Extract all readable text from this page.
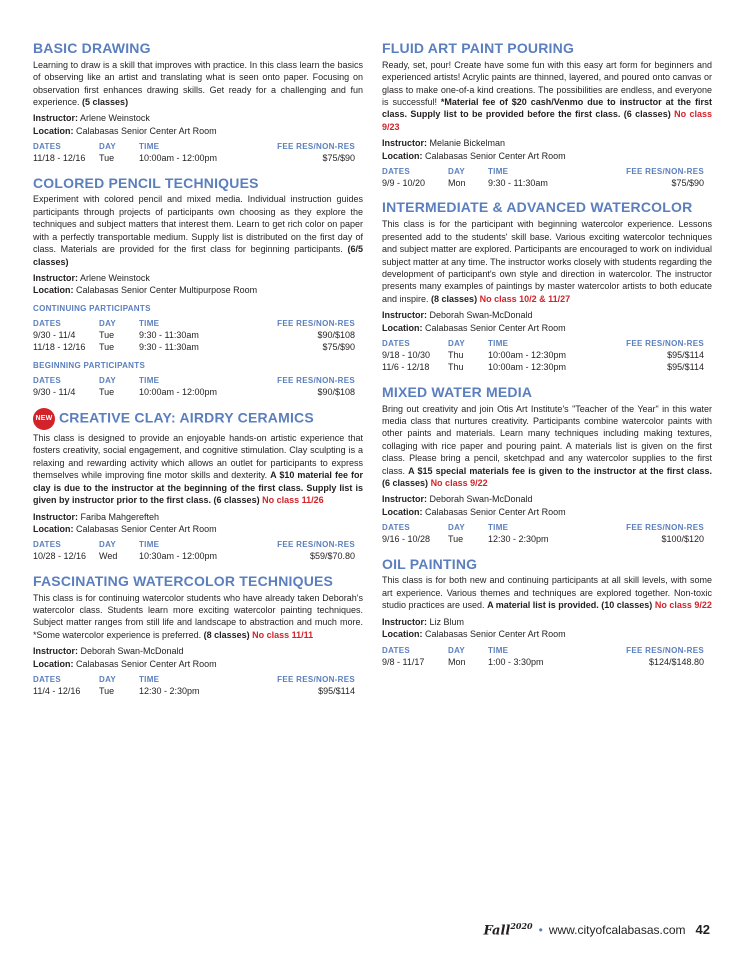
BASIC DRAWING

Learning to draw is a skill that improves with practice. In this class learn the basics of observing like an artist and translating what is seen onto paper. Focusing on observation first enhances drawing skills. Get ready for a challenging and fun experience. (5 classes)

Instructor: Arlene Weinstock
Location: Calabasas Senior Center Art Room
DATES	DAY	TIME	FEE RES/NON-RES
11/18 - 12/16	Tue	10:00am - 12:00pm	$75/$90
COLORED PENCIL TECHNIQUES

Experiment with colored pencil and mixed media. Individual instruction guides participants through projects of participants own choosing as they explore the techniques and subject matters that interest them. Learn to get rich color on paper with a perfectly transportable medium. Supply list is distributed on the first day of class. Materials are provided for the first class for beginning participants. (6/5 classes)

Instructor: Arlene Weinstock
Location: Calabasas Senior Center Multipurpose Room
CONTINUING PARTICIPANTS
DATES	DAY	TIME	FEE RES/NON-RES
9/30 - 11/4	Tue	9:30 - 11:30am	$90/$108
11/18 - 12/16	Tue	9:30 - 11:30am	$75/$90
BEGINNING PARTICIPANTS
DATES	DAY	TIME	FEE RES/NON-RES
9/30 - 11/4	Tue	10:00am - 12:00pm	$90/$108
NEW CREATIVE CLAY: AIRDRY CERAMICS

This class is designed to provide an enjoyable hands-on artistic experience that fosters creativity, social engagement, and cognitive stimulation. Clay sculpting is a relaxing and rewarding activity which allows an outlet for participants to express themselves while improving fine motor skills and dexterity. A $10 material fee for clay is due to the instructor at the beginning of the first class. Supply list is given by instructor prior to the first class. (6 classes) No class 11/26

Instructor: Fariba Mahgerefteh
Location: Calabasas Senior Center Art Room
DATES	DAY	TIME	FEE RES/NON-RES
10/28 - 12/16	Wed	10:30am - 12:00pm	$59/$70.80
FASCINATING WATERCOLOR TECHNIQUES

This class is for continuing watercolor students who have already taken Deborah's watercolor class. Students learn more exciting watercolor painting techniques. Subject matter ranges from still life and landscape to abstraction and much more. *Some watercolor experience is preferred. (8 classes) No class 11/11

Instructor: Deborah Swan-McDonald
Location: Calabasas Senior Center Art Room
DATES	DAY	TIME	FEE RES/NON-RES
11/4 - 12/16	Tue	12:30 - 2:30pm	$95/$114
FLUID ART PAINT POURING

Ready, set, pour! Create have some fun with this easy art form for beginners and experienced artists! Acrylic paints are thinned, layered, and poured onto canvas or glass to make one-of-a kind creations. The possibilities are endless, and everyone is successful! *Material fee of $20 cash/Venmo due to instructor at the first class. Supply list to be provided before the first class. (6 classes) No class 9/23

Instructor: Melanie Bickelman
Location: Calabasas Senior Center Art Room
DATES	DAY	TIME	FEE RES/NON-RES
9/9 - 10/20	Mon	9:30 - 11:30am	$75/$90
INTERMEDIATE & ADVANCED WATERCOLOR

This class is for the participant with beginning watercolor experience. Lessons presented add to the students' skill base. Various exciting watercolor techniques and subject matter are explored. Participants are encouraged to work on individual subject matter at any time. The instructor works closely with students regarding the development of participant's own style and direction in watercolor. The instructor presents many examples of paintings by master watercolor artists to both educate and inspire. (8 classes) No class 10/2 & 11/27

Instructor: Deborah Swan-McDonald
Location: Calabasas Senior Center Art Room
DATES	DAY	TIME	FEE RES/NON-RES
9/18 - 10/30	Thu	10:00am - 12:30pm	$95/$114
11/6 - 12/18	Thu	10:00am - 12:30pm	$95/$114
MIXED WATER MEDIA

Bring out creativity and join Otis Art Institute's "Teacher of the Year" in this water media class that nurtures creativity. Participants combine watercolor paints with other paints and materials. Learn many techniques including making textures, collaging with rice paper and pouring paint. A materials list is given on the first class. Please bring a pencil, sketchpad and any watercolor supplies to the first class. A $15 special materials fee is given to the instructor at the first class. (6 classes) No class 9/22

Instructor: Deborah Swan-McDonald
Location: Calabasas Senior Center Art Room
DATES	DAY	TIME	FEE RES/NON-RES
9/16 - 10/28	Tue	12:30 - 2:30pm	$100/$120
OIL PAINTING

This class is for both new and continuing participants at all skill levels, with some art experience. Various themes and techniques are explored together. Non-toxic studio practices are used. A material list is provided. (10 classes) No class 9/22

Instructor: Liz Blum
Location: Calabasas Senior Center Art Room
DATES	DAY	TIME	FEE RES/NON-RES
9/8 - 11/17	Mon	1:00 - 3:30pm	$124/$148.80
Fall$^{2020}$ • www.cityofcalabasas.com 42
